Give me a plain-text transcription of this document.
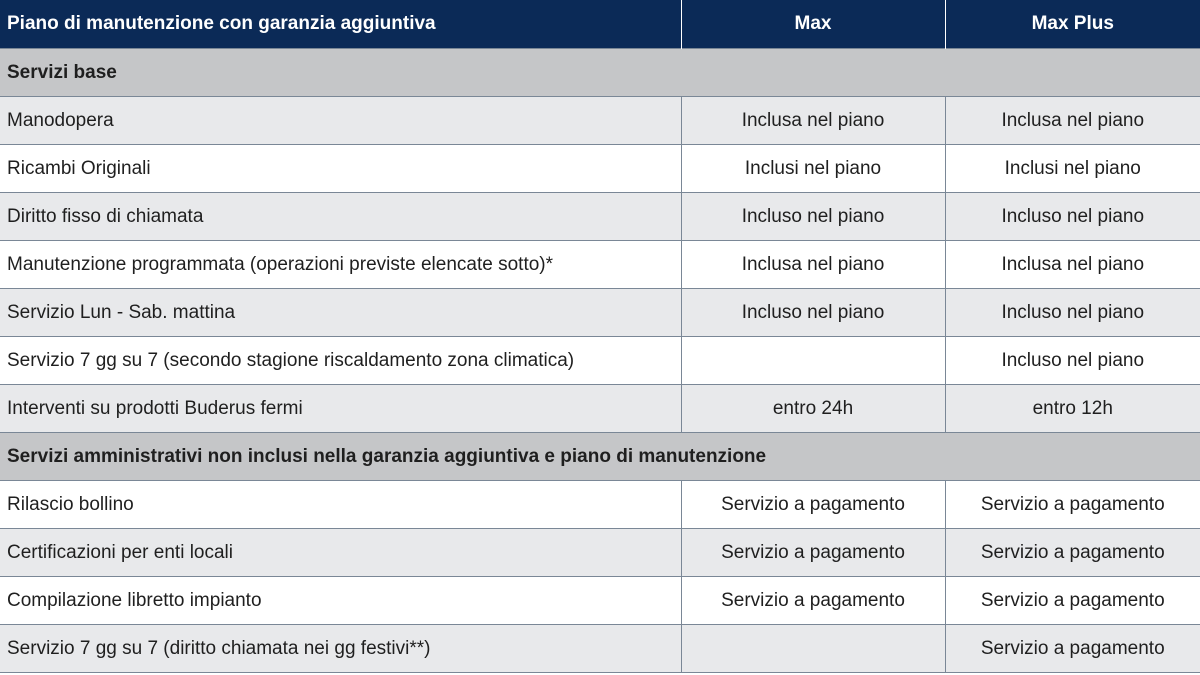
Piano di manutenzione con garanzia aggiuntiva	Max	Max Plus
Servizi base		
Manodopera	Inclusa nel piano	Inclusa nel piano
Ricambi Originali	Inclusi nel piano	Inclusi nel piano
Diritto fisso di chiamata	Incluso nel piano	Incluso nel piano
Manutenzione programmata (operazioni previste elencate sotto)*	Inclusa nel piano	Inclusa nel piano
Servizio Lun - Sab. mattina	Incluso nel piano	Incluso nel piano
Servizio 7 gg su 7 (secondo stagione riscaldamento zona climatica)		Incluso nel piano
Interventi su prodotti Buderus fermi	entro 24h	entro 12h
Servizi amministrativi non inclusi nella garanzia aggiuntiva e piano di manutenzione		
Rilascio bollino	Servizio a pagamento	Servizio a pagamento
Certificazioni per enti locali	Servizio a pagamento	Servizio a pagamento
Compilazione libretto impianto	Servizio a pagamento	Servizio a pagamento
Servizio 7 gg su 7 (diritto chiamata nei gg festivi**)		Servizio a pagamento
